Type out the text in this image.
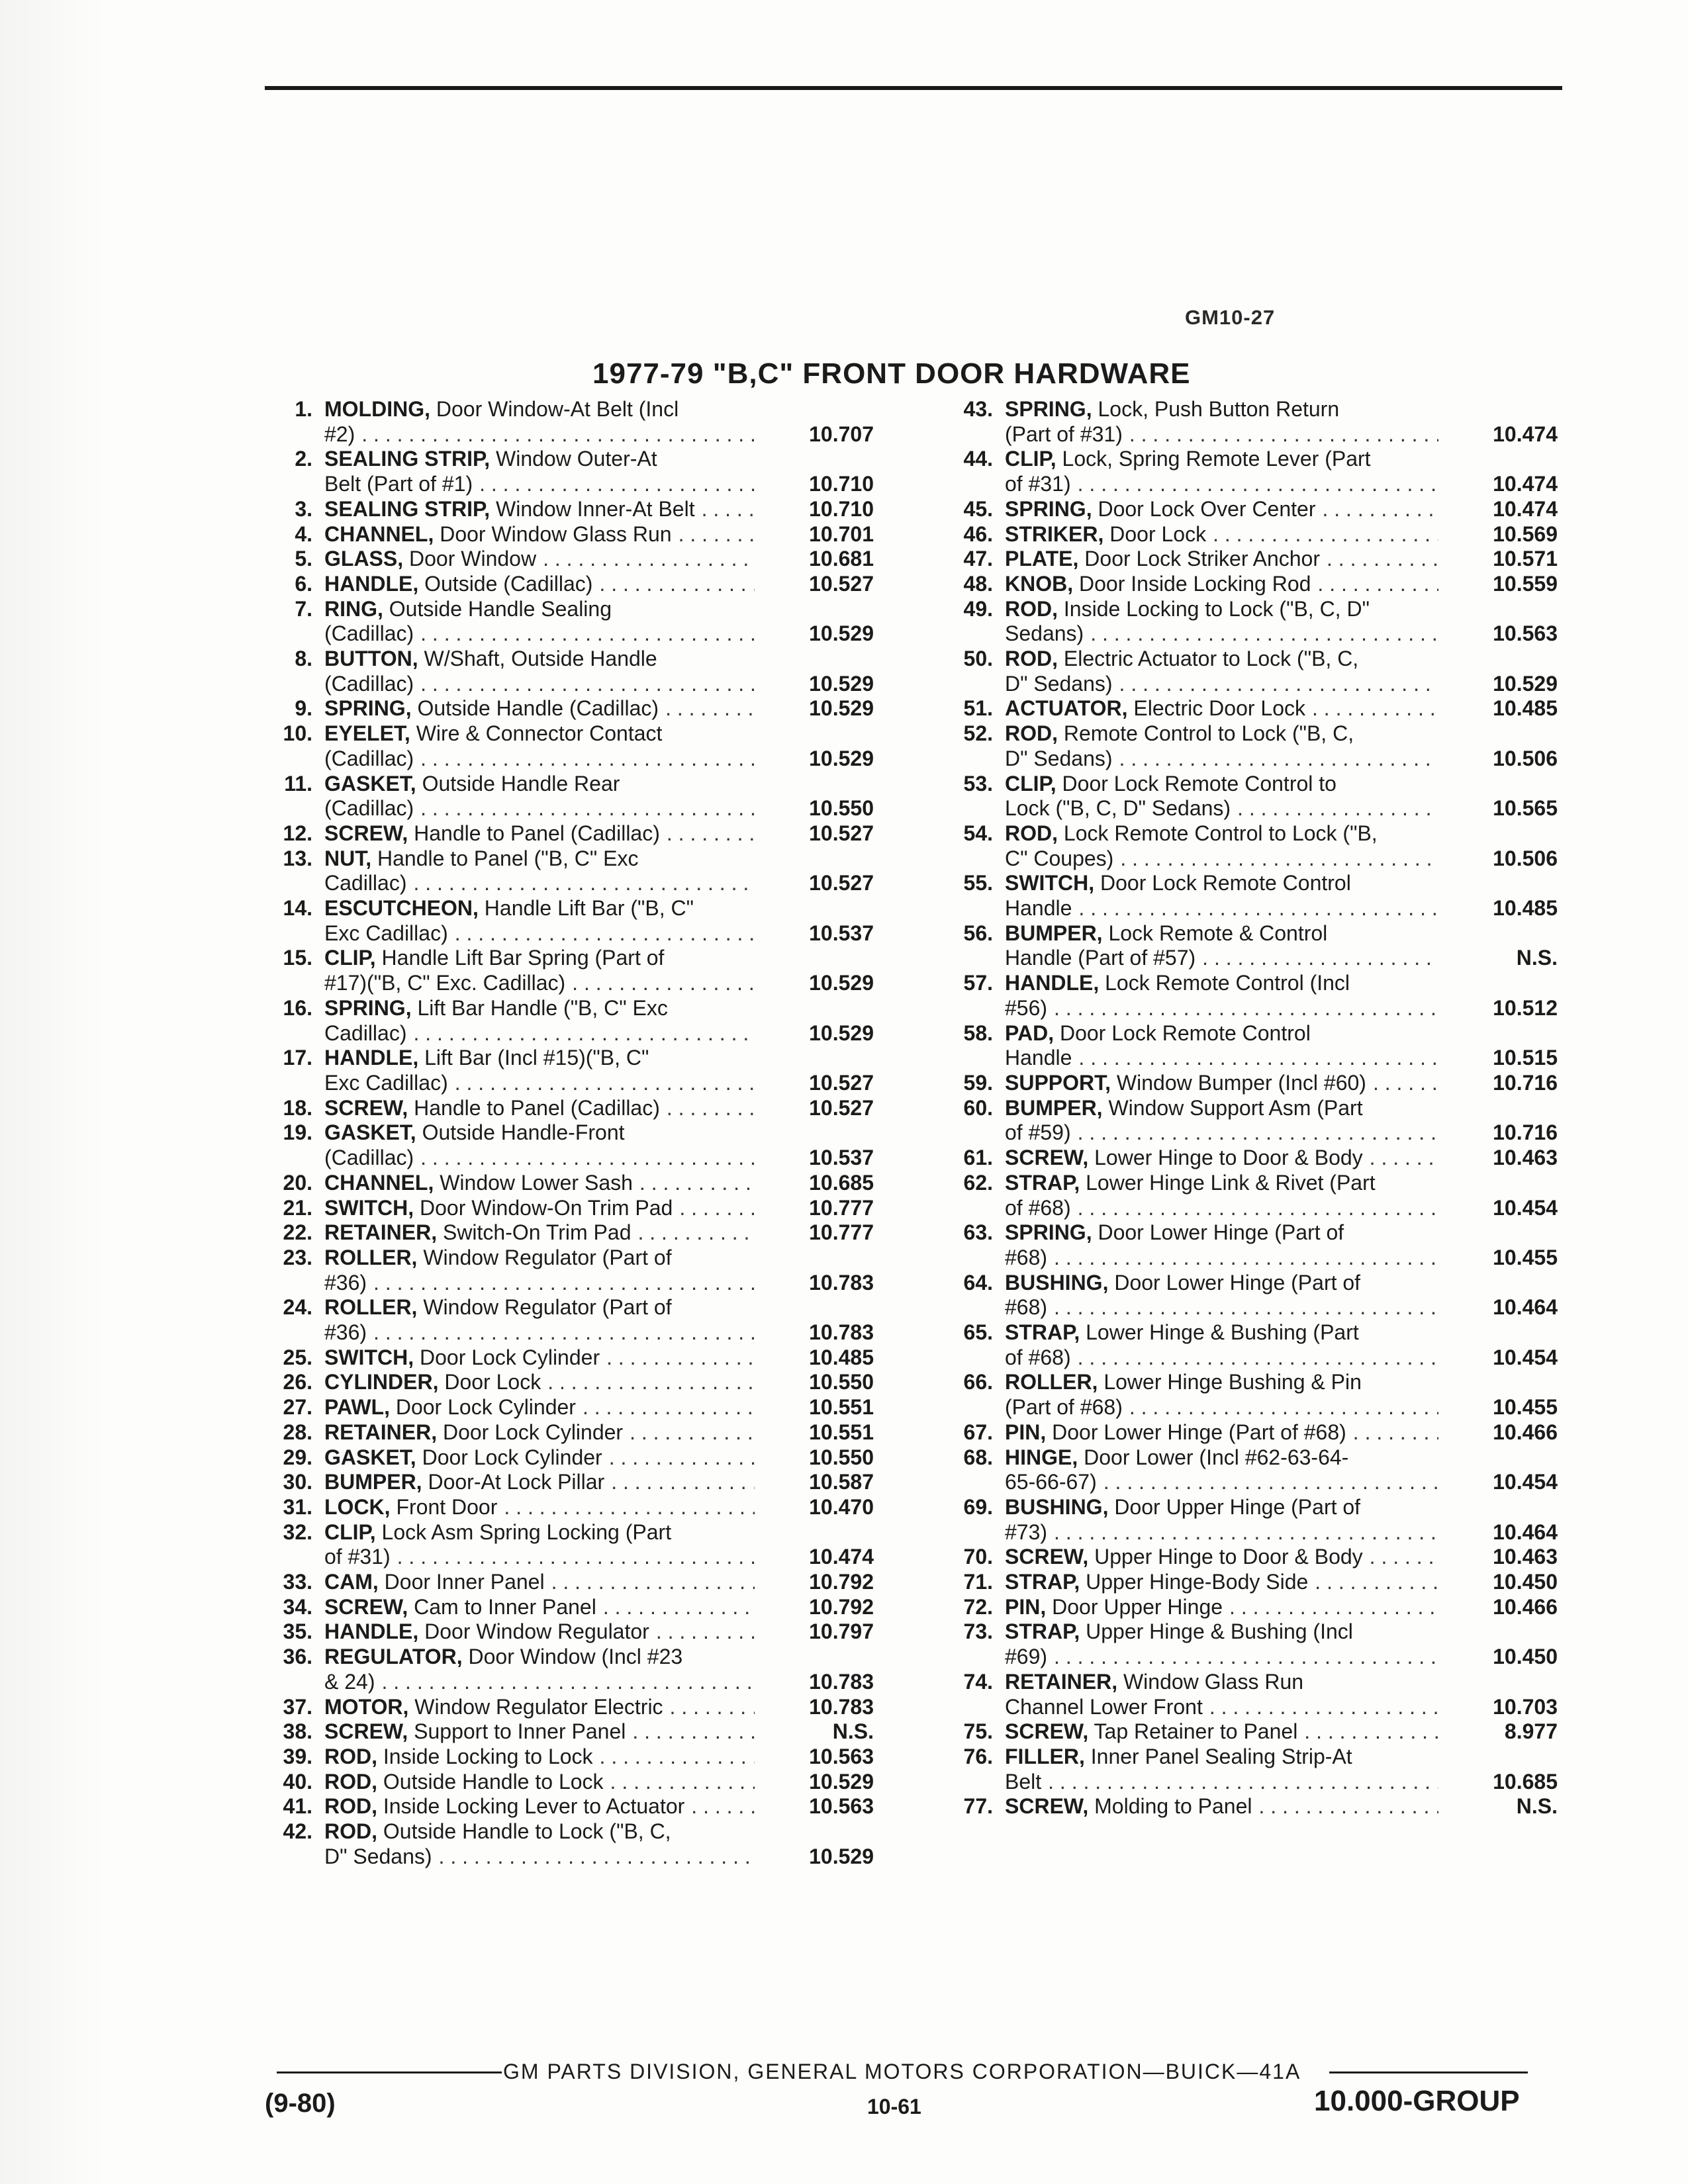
GM10-27
1977-79 "B,C" FRONT DOOR HARDWARE
1. MOLDING, Door Window-At Belt (Incl
#2) . . .	10.707
2. SEALING STRIP, Window Outer-At
Belt (Part of #1) . . .	10.710
3. SEALING STRIP, Window Inner-At Belt . . .	10.710
4. CHANNEL, Door Window Glass Run . . .	10.701
5. GLASS, Door Window . . .	10.681
6. HANDLE, Outside (Cadillac) . . .	10.527
7. RING, Outside Handle Sealing
(Cadillac) . . .	10.529
8. BUTTON, W/Shaft, Outside Handle
(Cadillac) . . .	10.529
9. SPRING, Outside Handle (Cadillac) . . .	10.529
10. EYELET, Wire & Connector Contact
(Cadillac) . . .	10.529
11. GASKET, Outside Handle Rear
(Cadillac) . . .	10.550
12. SCREW, Handle to Panel (Cadillac) . . .	10.527
13. NUT, Handle to Panel ("B, C" Exc
Cadillac) . . .	10.527
14. ESCUTCHEON, Handle Lift Bar ("B, C"
Exc Cadillac) . . .	10.537
15. CLIP, Handle Lift Bar Spring (Part of
#17)("B, C" Exc. Cadillac) . . .	10.529
16. SPRING, Lift Bar Handle ("B, C" Exc
Cadillac) . . .	10.529
17. HANDLE, Lift Bar (Incl #15)("B, C"
Exc Cadillac) . . .	10.527
18. SCREW, Handle to Panel (Cadillac) . . .	10.527
19. GASKET, Outside Handle-Front
(Cadillac) . . .	10.537
20. CHANNEL, Window Lower Sash . . .	10.685
21. SWITCH, Door Window-On Trim Pad . . .	10.777
22. RETAINER, Switch-On Trim Pad . . .	10.777
23. ROLLER, Window Regulator (Part of
#36) . . .	10.783
24. ROLLER, Window Regulator (Part of
#36) . . .	10.783
25. SWITCH, Door Lock Cylinder . . .	10.485
26. CYLINDER, Door Lock . . .	10.550
27. PAWL, Door Lock Cylinder . . .	10.551
28. RETAINER, Door Lock Cylinder . . .	10.551
29. GASKET, Door Lock Cylinder . . .	10.550
30. BUMPER, Door-At Lock Pillar . . .	10.587
31. LOCK, Front Door . . .	10.470
32. CLIP, Lock Asm Spring Locking (Part
of #31) . . .	10.474
33. CAM, Door Inner Panel . . .	10.792
34. SCREW, Cam to Inner Panel . . .	10.792
35. HANDLE, Door Window Regulator . . .	10.797
36. REGULATOR, Door Window (Incl #23
& 24) . . .	10.783
37. MOTOR, Window Regulator Electric . . .	10.783
38. SCREW, Support to Inner Panel . . .	N.S.
39. ROD, Inside Locking to Lock . . .	10.563
40. ROD, Outside Handle to Lock . . .	10.529
41. ROD, Inside Locking Lever to Actuator . . .	10.563
42. ROD, Outside Handle to Lock ("B, C,
D" Sedans) . . .	10.529
43. SPRING, Lock, Push Button Return
(Part of #31) . . .	10.474
44. CLIP, Lock, Spring Remote Lever (Part
of #31) . . .	10.474
45. SPRING, Door Lock Over Center . . .	10.474
46. STRIKER, Door Lock . . .	10.569
47. PLATE, Door Lock Striker Anchor . . .	10.571
48. KNOB, Door Inside Locking Rod . . .	10.559
49. ROD, Inside Locking to Lock ("B, C, D"
Sedans) . . .	10.563
50. ROD, Electric Actuator to Lock ("B, C,
D" Sedans) . . .	10.529
51. ACTUATOR, Electric Door Lock . . .	10.485
52. ROD, Remote Control to Lock ("B, C,
D" Sedans) . . .	10.506
53. CLIP, Door Lock Remote Control to
Lock ("B, C, D" Sedans) . . .	10.565
54. ROD, Lock Remote Control to Lock ("B,
C" Coupes) . . .	10.506
55. SWITCH, Door Lock Remote Control
Handle . . .	10.485
56. BUMPER, Lock Remote & Control
Handle (Part of #57) . . .	N.S.
57. HANDLE, Lock Remote Control (Incl
#56) . . .	10.512
58. PAD, Door Lock Remote Control
Handle . . .	10.515
59. SUPPORT, Window Bumper (Incl #60) . . .	10.716
60. BUMPER, Window Support Asm (Part
of #59) . . .	10.716
61. SCREW, Lower Hinge to Door & Body . . .	10.463
62. STRAP, Lower Hinge Link & Rivet (Part
of #68) . . .	10.454
63. SPRING, Door Lower Hinge (Part of
#68) . . .	10.455
64. BUSHING, Door Lower Hinge (Part of
#68) . . .	10.464
65. STRAP, Lower Hinge & Bushing (Part
of #68) . . .	10.454
66. ROLLER, Lower Hinge Bushing & Pin
(Part of #68) . . .	10.455
67. PIN, Door Lower Hinge (Part of #68) . . .	10.466
68. HINGE, Door Lower (Incl #62-63-64-
65-66-67) . . .	10.454
69. BUSHING, Door Upper Hinge (Part of
#73) . . .	10.464
70. SCREW, Upper Hinge to Door & Body . . .	10.463
71. STRAP, Upper Hinge-Body Side . . .	10.450
72. PIN, Door Upper Hinge . . .	10.466
73. STRAP, Upper Hinge & Bushing (Incl
#69) . . .	10.450
74. RETAINER, Window Glass Run
Channel Lower Front . . .	10.703
75. SCREW, Tap Retainer to Panel . . .	8.977
76. FILLER, Inner Panel Sealing Strip-At
Belt . . .	10.685
77. SCREW, Molding to Panel . . .	N.S.
GM PARTS DIVISION, GENERAL MOTORS CORPORATION—BUICK—41A
(9-80)	10-61	10.000-GROUP
